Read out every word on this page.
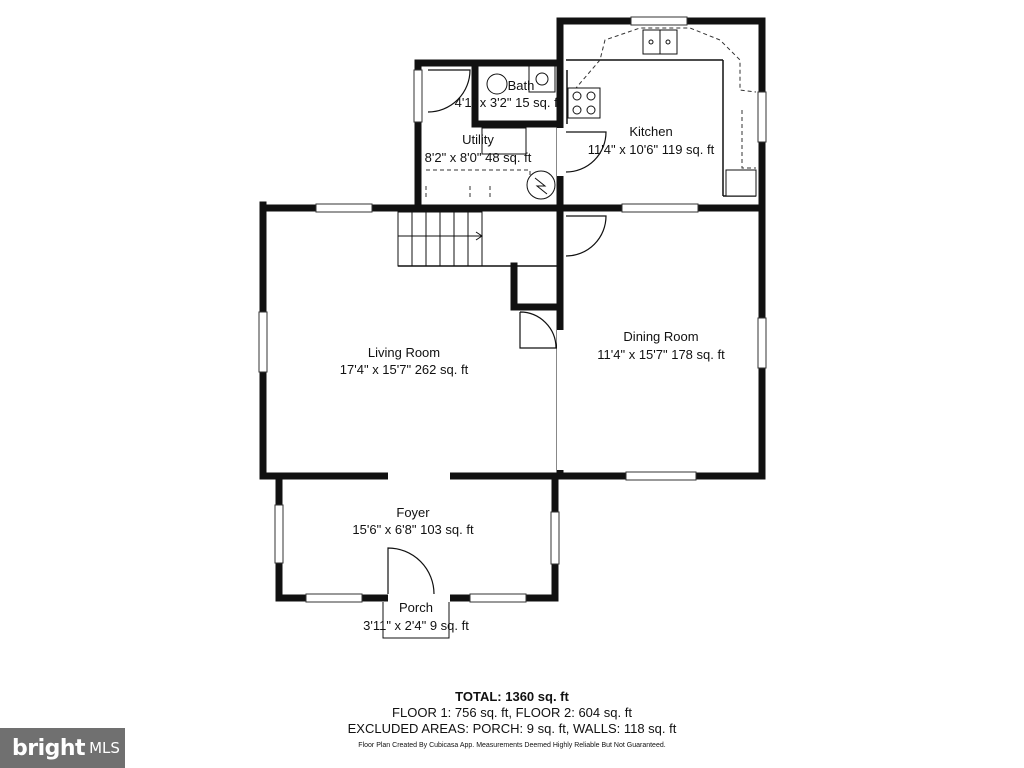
Bath
4'1" x 3'2" 15 sq. ft
Utility
8'2" x 8'0" 48 sq. ft
Kitchen
11'4" x 10'6" 119 sq. ft
Living Room
17'4" x 15'7" 262 sq. ft
Dining Room
11'4" x 15'7" 178 sq. ft
Foyer
15'6" x 6'8" 103 sq. ft
Porch
3'11" x 2'4" 9 sq. ft
TOTAL: 1360 sq. ft
FLOOR 1: 756 sq. ft, FLOOR 2: 604 sq. ft
EXCLUDED AREAS: PORCH: 9 sq. ft, WALLS: 118 sq. ft
Floor Plan Created By Cubicasa App. Measurements Deemed Highly Reliable But Not Guaranteed.
bright MLS
